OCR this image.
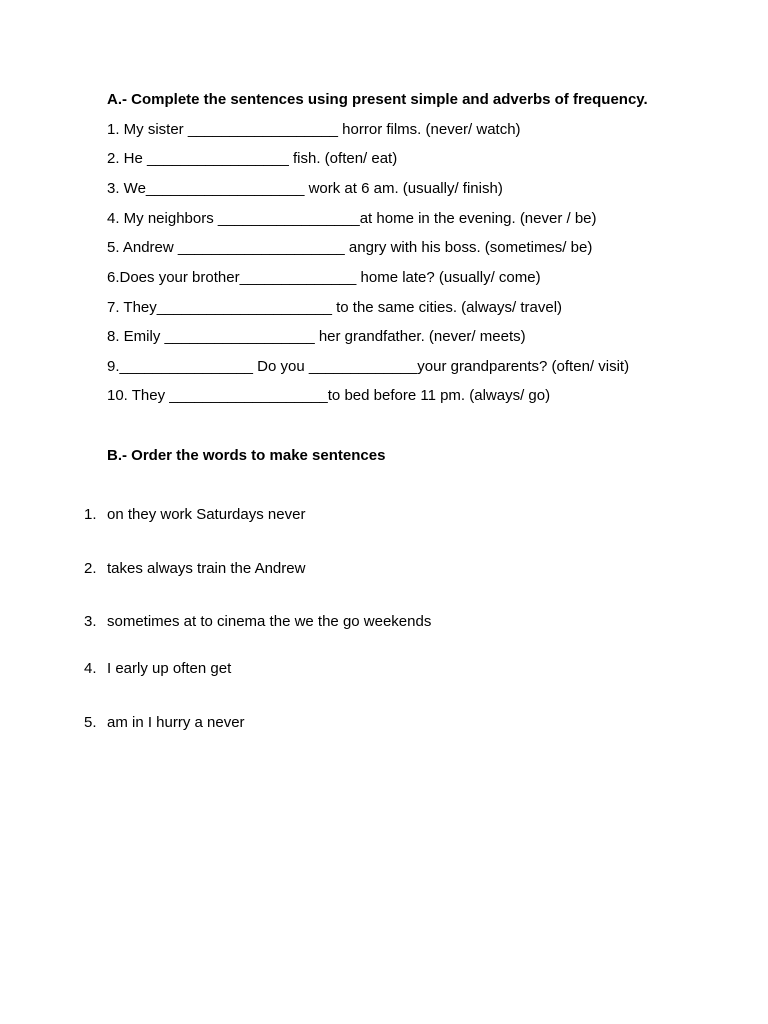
A.- Complete the sentences using present simple and adverbs of frequency.
1. My sister __________________ horror films. (never/ watch)
2. He _________________ fish. (often/ eat)
3. We___________________ work at 6 am. (usually/ finish)
4. My neighbors _________________at home in the evening. (never / be)
5. Andrew ____________________ angry with his boss. (sometimes/ be)
6.Does your brother______________ home late? (usually/ come)
7. They_____________________ to the same cities. (always/ travel)
8. Emily __________________ her grandfather. (never/ meets)
9.________________ Do you _____________your grandparents? (often/ visit)
10. They ___________________to bed before 11 pm. (always/ go)
B.- Order the words to make sentences
1. on they work Saturdays never
2. takes always train the Andrew
3. sometimes at to cinema the we the go weekends
4. I early up often get
5. am in I hurry a never
